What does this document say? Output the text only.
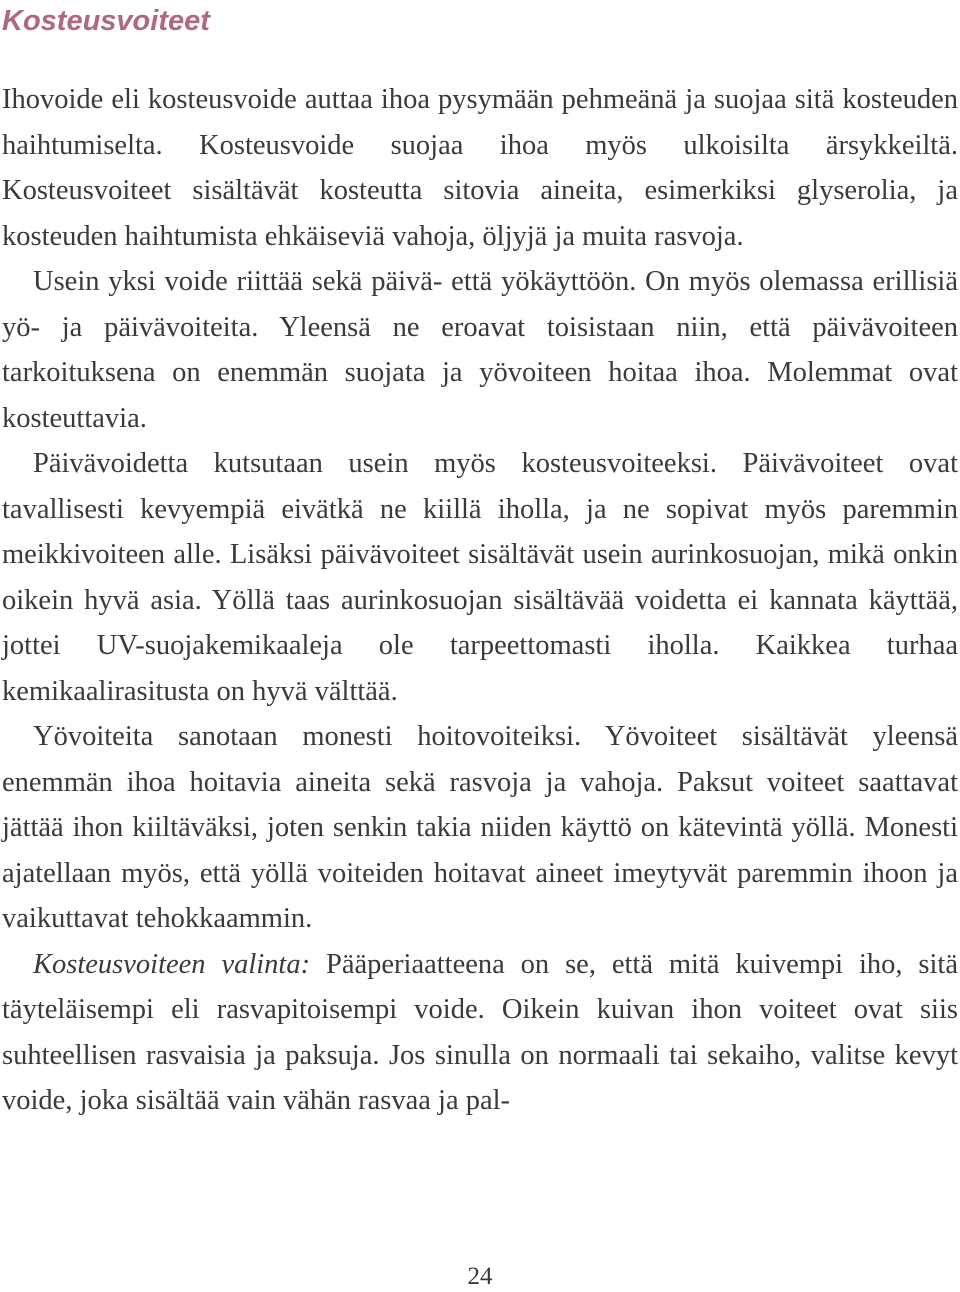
Kosteusvoiteet

Ihovoide eli kosteusvoide auttaa ihoa pysymään pehmeänä ja suojaa sitä kosteuden haihtumiselta. Kosteusvoide suojaa ihoa myös ulkoisilta ärsykkeiltä. Kosteusvoiteet sisältävät kosteutta sitovia aineita, esimerkiksi glyserolia, ja kosteuden haihtumista ehkäiseviä vahoja, öljyjä ja muita rasvoja.

Usein yksi voide riittää sekä päivä- että yökäyttöön. On myös olemassa erillisiä yö- ja päivävoiteita. Yleensä ne eroavat toisistaan niin, että päivävoiteen tarkoituksena on enemmän suojata ja yövoiteen hoitaa ihoa. Molemmat ovat kosteuttavia.

Päivävoidetta kutsutaan usein myös kosteusvoiteeksi. Päivävoiteet ovat tavallisesti kevyempiä eivätkä ne kiillä iholla, ja ne sopivat myös paremmin meikkivoiteen alle. Lisäksi päivävoiteet sisältävät usein aurinkosuojan, mikä onkin oikein hyvä asia. Yöllä taas aurinkosuojan sisältävää voidetta ei kannata käyttää, jottei UV-suojakemikaaleja ole tarpeettomasti iholla. Kaikkea turhaa kemikaalirasitusta on hyvä välttää.

Yövoiteita sanotaan monesti hoitovoiteiksi. Yövoiteet sisältävät yleensä enemmän ihoa hoitavia aineita sekä rasvoja ja vahoja. Paksut voiteet saattavat jättää ihon kiiltäväksi, joten senkin takia niiden käyttö on kätevintä yöllä. Monesti ajatellaan myös, että yöllä voiteiden hoitavat aineet imeytyvät paremmin ihoon ja vaikuttavat tehokkaammin.

Kosteusvoiteen valinta: Pääperiaatteena on se, että mitä kuivempi iho, sitä täyteläisempi eli rasvapitoisempi voide. Oikein kuivan ihon voiteet ovat siis suhteellisen rasvaisia ja paksuja. Jos sinulla on normaali tai sekaiho, valitse kevyt voide, joka sisältää vain vähän rasvaa ja pal-

24
